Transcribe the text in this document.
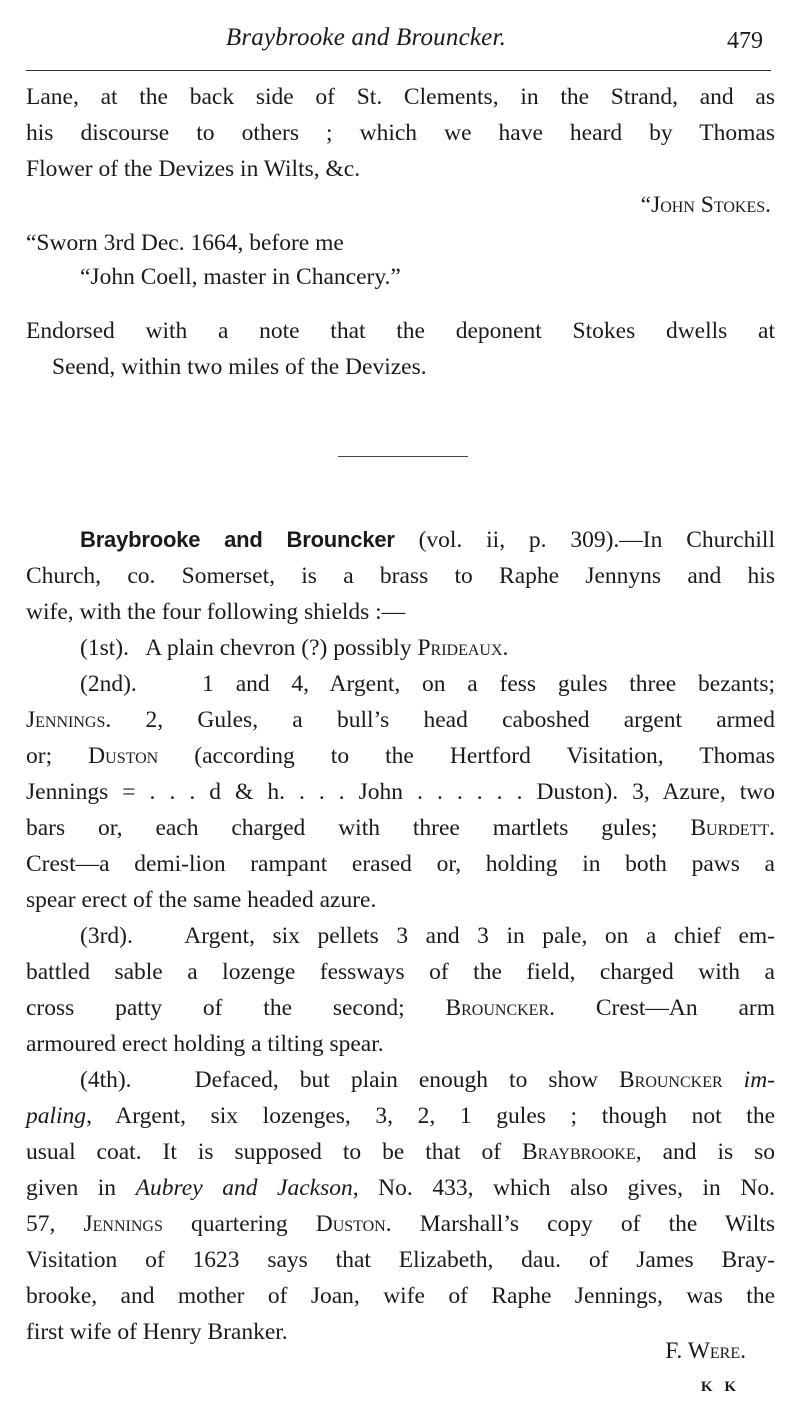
Braybrooke and Brouncker.	479
Lane, at the back side of St. Clements, in the Strand, and as
his discourse to others ; which we have heard by Thomas
Flower of the Devizes in Wilts, &c.
“John Stokes.
“Sworn 3rd Dec. 1664, before me
“John Coell, master in Chancery.”
Endorsed with a note that the deponent Stokes dwells at
Seend, within two miles of the Devizes.
Braybrooke and Brouncker (vol. ii, p. 309).—In Churchill
Church, co. Somerset, is a brass to Raphe Jennyns and his
wife, with the four following shields :—
(1st). A plain chevron (?) possibly Prideaux.
(2nd).	1 and 4, Argent, on a fess gules three bezants;
Jennings. 2, Gules, a bull’s head caboshed argent armed
or; Duston (according to the Hertford Visitation, Thomas
Jennings = . . . d & h. . . . John . . . . . . Duston). 3, Azure, two
bars or, each charged with three martlets gules; Burdett.
Crest—a demi-lion rampant erased or, holding in both paws a
spear erect of the same headed azure.
(3rd). Argent, six pellets 3 and 3 in pale, on a chief em-
battled sable a lozenge fessways of the field, charged with a
cross patty of the second; Brouncker. Crest—An arm
armoured erect holding a tilting spear.
(4th).	Defaced, but plain enough to show Brouncker im-
paling, Argent, six lozenges, 3, 2, 1 gules ; though not the
usual coat. It is supposed to be that of Braybrooke, and is so
given in Aubrey and Jackson, No. 433, which also gives, in No.
57, Jennings quartering Duston. Marshall’s copy of the Wilts
Visitation of 1623 says that Elizabeth, dau. of James Bray-
brooke, and mother of Joan, wife of Raphe Jennings, was the
first wife of Henry Branker.
F. Were.
K K
